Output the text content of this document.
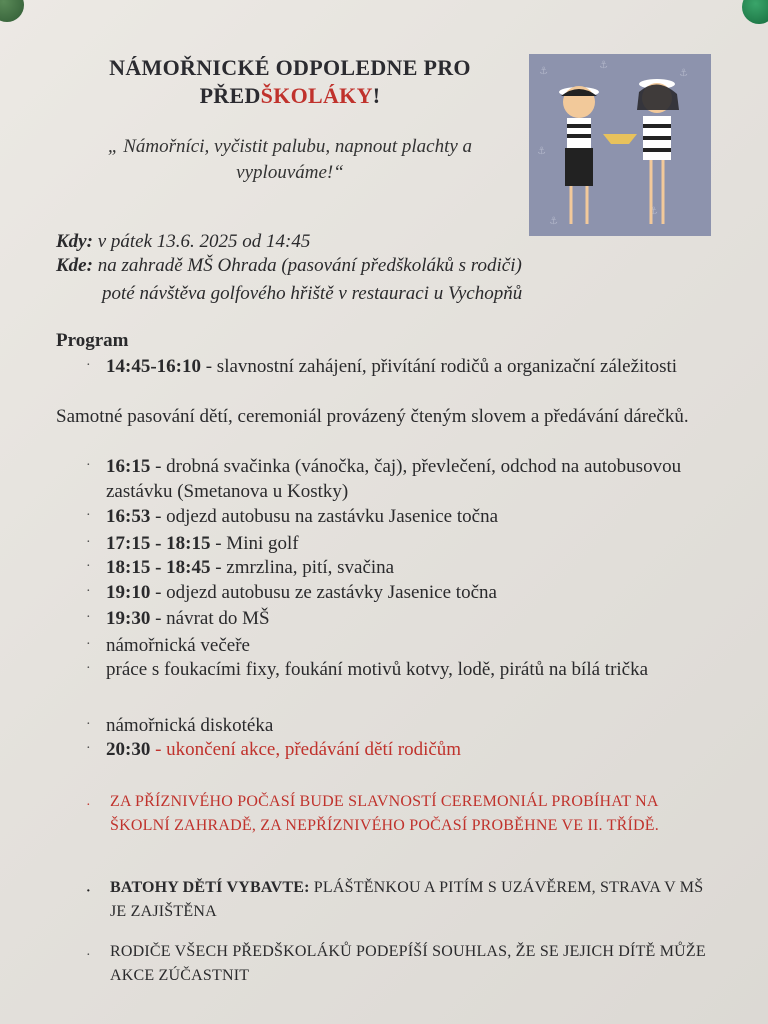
NÁMOŘNICKÉ ODPOLEDNE PRO
PŘEDŠKOLÁKY!
„ Námořníci, vyčistit palubu, napnout plachty a vyplouváme!“
⚓
⚓
⚓
⚓
⚓
⚓
Kdy: v pátek 13.6. 2025 od 14:45
Kde: na zahradě MŠ Ohrada (pasování předškoláků s rodiči)
poté návštěva golfového hřiště v restauraci u Vychopňů
Program
· 14:45-16:10 - slavnostní zahájení, přivítání rodičů a organizační záležitosti
Samotné pasování dětí, ceremoniál provázený čteným slovem a předávání dárečků.
· 16:15 - drobná svačinka (vánočka, čaj), převlečení, odchod na autobusovou zastávku (Smetanova u Kostky)
· 16:53 - odjezd autobusu na zastávku Jasenice točna
· 17:15 - 18:15 - Mini golf
· 18:15 - 18:45 - zmrzlina, pití, svačina
· 19:10 - odjezd autobusu ze zastávky Jasenice točna
· 19:30 - návrat do MŠ
· námořnická večeře
· práce s foukacími fixy, foukání motivů kotvy, lodě, pirátů na bílá trička
· námořnická diskotéka
· 20:30 - ukončení akce, předávání dětí rodičům
· ZA PŘÍZNIVÉHO POČASÍ BUDE SLAVNOSTÍ CEREMONIÁL PROBÍHAT NA ŠKOLNÍ ZAHRADĚ, ZA NEPŘÍZNIVÉHO POČASÍ PROBĚHNE VE II. TŘÍDĚ.
· BATOHY DĚTÍ VYBAVTE: PLÁŠTĚNKOU A PITÍM S UZÁVĚREM, STRAVA V MŠ JE ZAJIŠTĚNA
· RODIČE VŠECH PŘEDŠKOLÁKŮ PODEPÍŠÍ SOUHLAS, ŽE SE JEJICH DÍTĚ MŮŽE AKCE ZÚČASTNIT
